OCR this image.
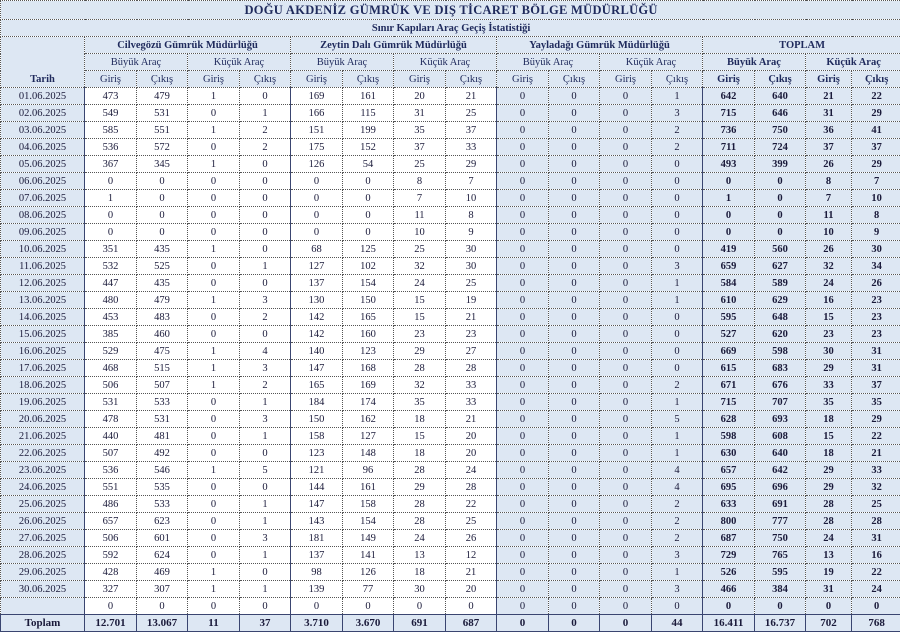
DOĞU AKDENİZ GÜMRÜK VE DIŞ TİCARET BÖLGE MÜDÜRLÜĞÜ																
Sınır Kapıları Araç Geçiş İstatistiği																
Tarih	Cilvegözü Gümrük Müdürlüğü				Zeytin Dalı Gümrük Müdürlüğü				Yayladağı Gümrük Müdürlüğü				TOPLAM			
	Büyük Araç		Küçük Araç		Büyük Araç		Küçük Araç		Büyük Araç		Küçük Araç		Büyük Araç		Küçük Araç	
	Giriş	Çıkış	Giriş	Çıkış	Giriş	Çıkış	Giriş	Çıkış	Giriş	Çıkış	Giriş	Çıkış	Giriş	Çıkış	Giriş	Çıkış
01.06.2025	473	479	1	0	169	161	20	21	0	0	0	1	642	640	21	22
02.06.2025	549	531	0	1	166	115	31	25	0	0	0	3	715	646	31	29
03.06.2025	585	551	1	2	151	199	35	37	0	0	0	2	736	750	36	41
04.06.2025	536	572	0	2	175	152	37	33	0	0	0	2	711	724	37	37
05.06.2025	367	345	1	0	126	54	25	29	0	0	0	0	493	399	26	29
06.06.2025	0	0	0	0	0	0	8	7	0	0	0	0	0	0	8	7
07.06.2025	1	0	0	0	0	0	7	10	0	0	0	0	1	0	7	10
08.06.2025	0	0	0	0	0	0	11	8	0	0	0	0	0	0	11	8
09.06.2025	0	0	0	0	0	0	10	9	0	0	0	0	0	0	10	9
10.06.2025	351	435	1	0	68	125	25	30	0	0	0	0	419	560	26	30
11.06.2025	532	525	0	1	127	102	32	30	0	0	0	3	659	627	32	34
12.06.2025	447	435	0	0	137	154	24	25	0	0	0	1	584	589	24	26
13.06.2025	480	479	1	3	130	150	15	19	0	0	0	1	610	629	16	23
14.06.2025	453	483	0	2	142	165	15	21	0	0	0	0	595	648	15	23
15.06.2025	385	460	0	0	142	160	23	23	0	0	0	0	527	620	23	23
16.06.2025	529	475	1	4	140	123	29	27	0	0	0	0	669	598	30	31
17.06.2025	468	515	1	3	147	168	28	28	0	0	0	0	615	683	29	31
18.06.2025	506	507	1	2	165	169	32	33	0	0	0	2	671	676	33	37
19.06.2025	531	533	0	1	184	174	35	33	0	0	0	1	715	707	35	35
20.06.2025	478	531	0	3	150	162	18	21	0	0	0	5	628	693	18	29
21.06.2025	440	481	0	1	158	127	15	20	0	0	0	1	598	608	15	22
22.06.2025	507	492	0	0	123	148	18	20	0	0	0	1	630	640	18	21
23.06.2025	536	546	1	5	121	96	28	24	0	0	0	4	657	642	29	33
24.06.2025	551	535	0	0	144	161	29	28	0	0	0	4	695	696	29	32
25.06.2025	486	533	0	1	147	158	28	22	0	0	0	2	633	691	28	25
26.06.2025	657	623	0	1	143	154	28	25	0	0	0	2	800	777	28	28
27.06.2025	506	601	0	3	181	149	24	26	0	0	0	2	687	750	24	31
28.06.2025	592	624	0	1	137	141	13	12	0	0	0	3	729	765	13	16
29.06.2025	428	469	1	0	98	126	18	21	0	0	0	1	526	595	19	22
30.06.2025	327	307	1	1	139	77	30	20	0	0	0	3	466	384	31	24
	0	0	0	0	0	0	0	0	0	0	0	0	0	0	0	0
Toplam	12.701	13.067	11	37	3.710	3.670	691	687	0	0	0	44	16.411	16.737	702	768
